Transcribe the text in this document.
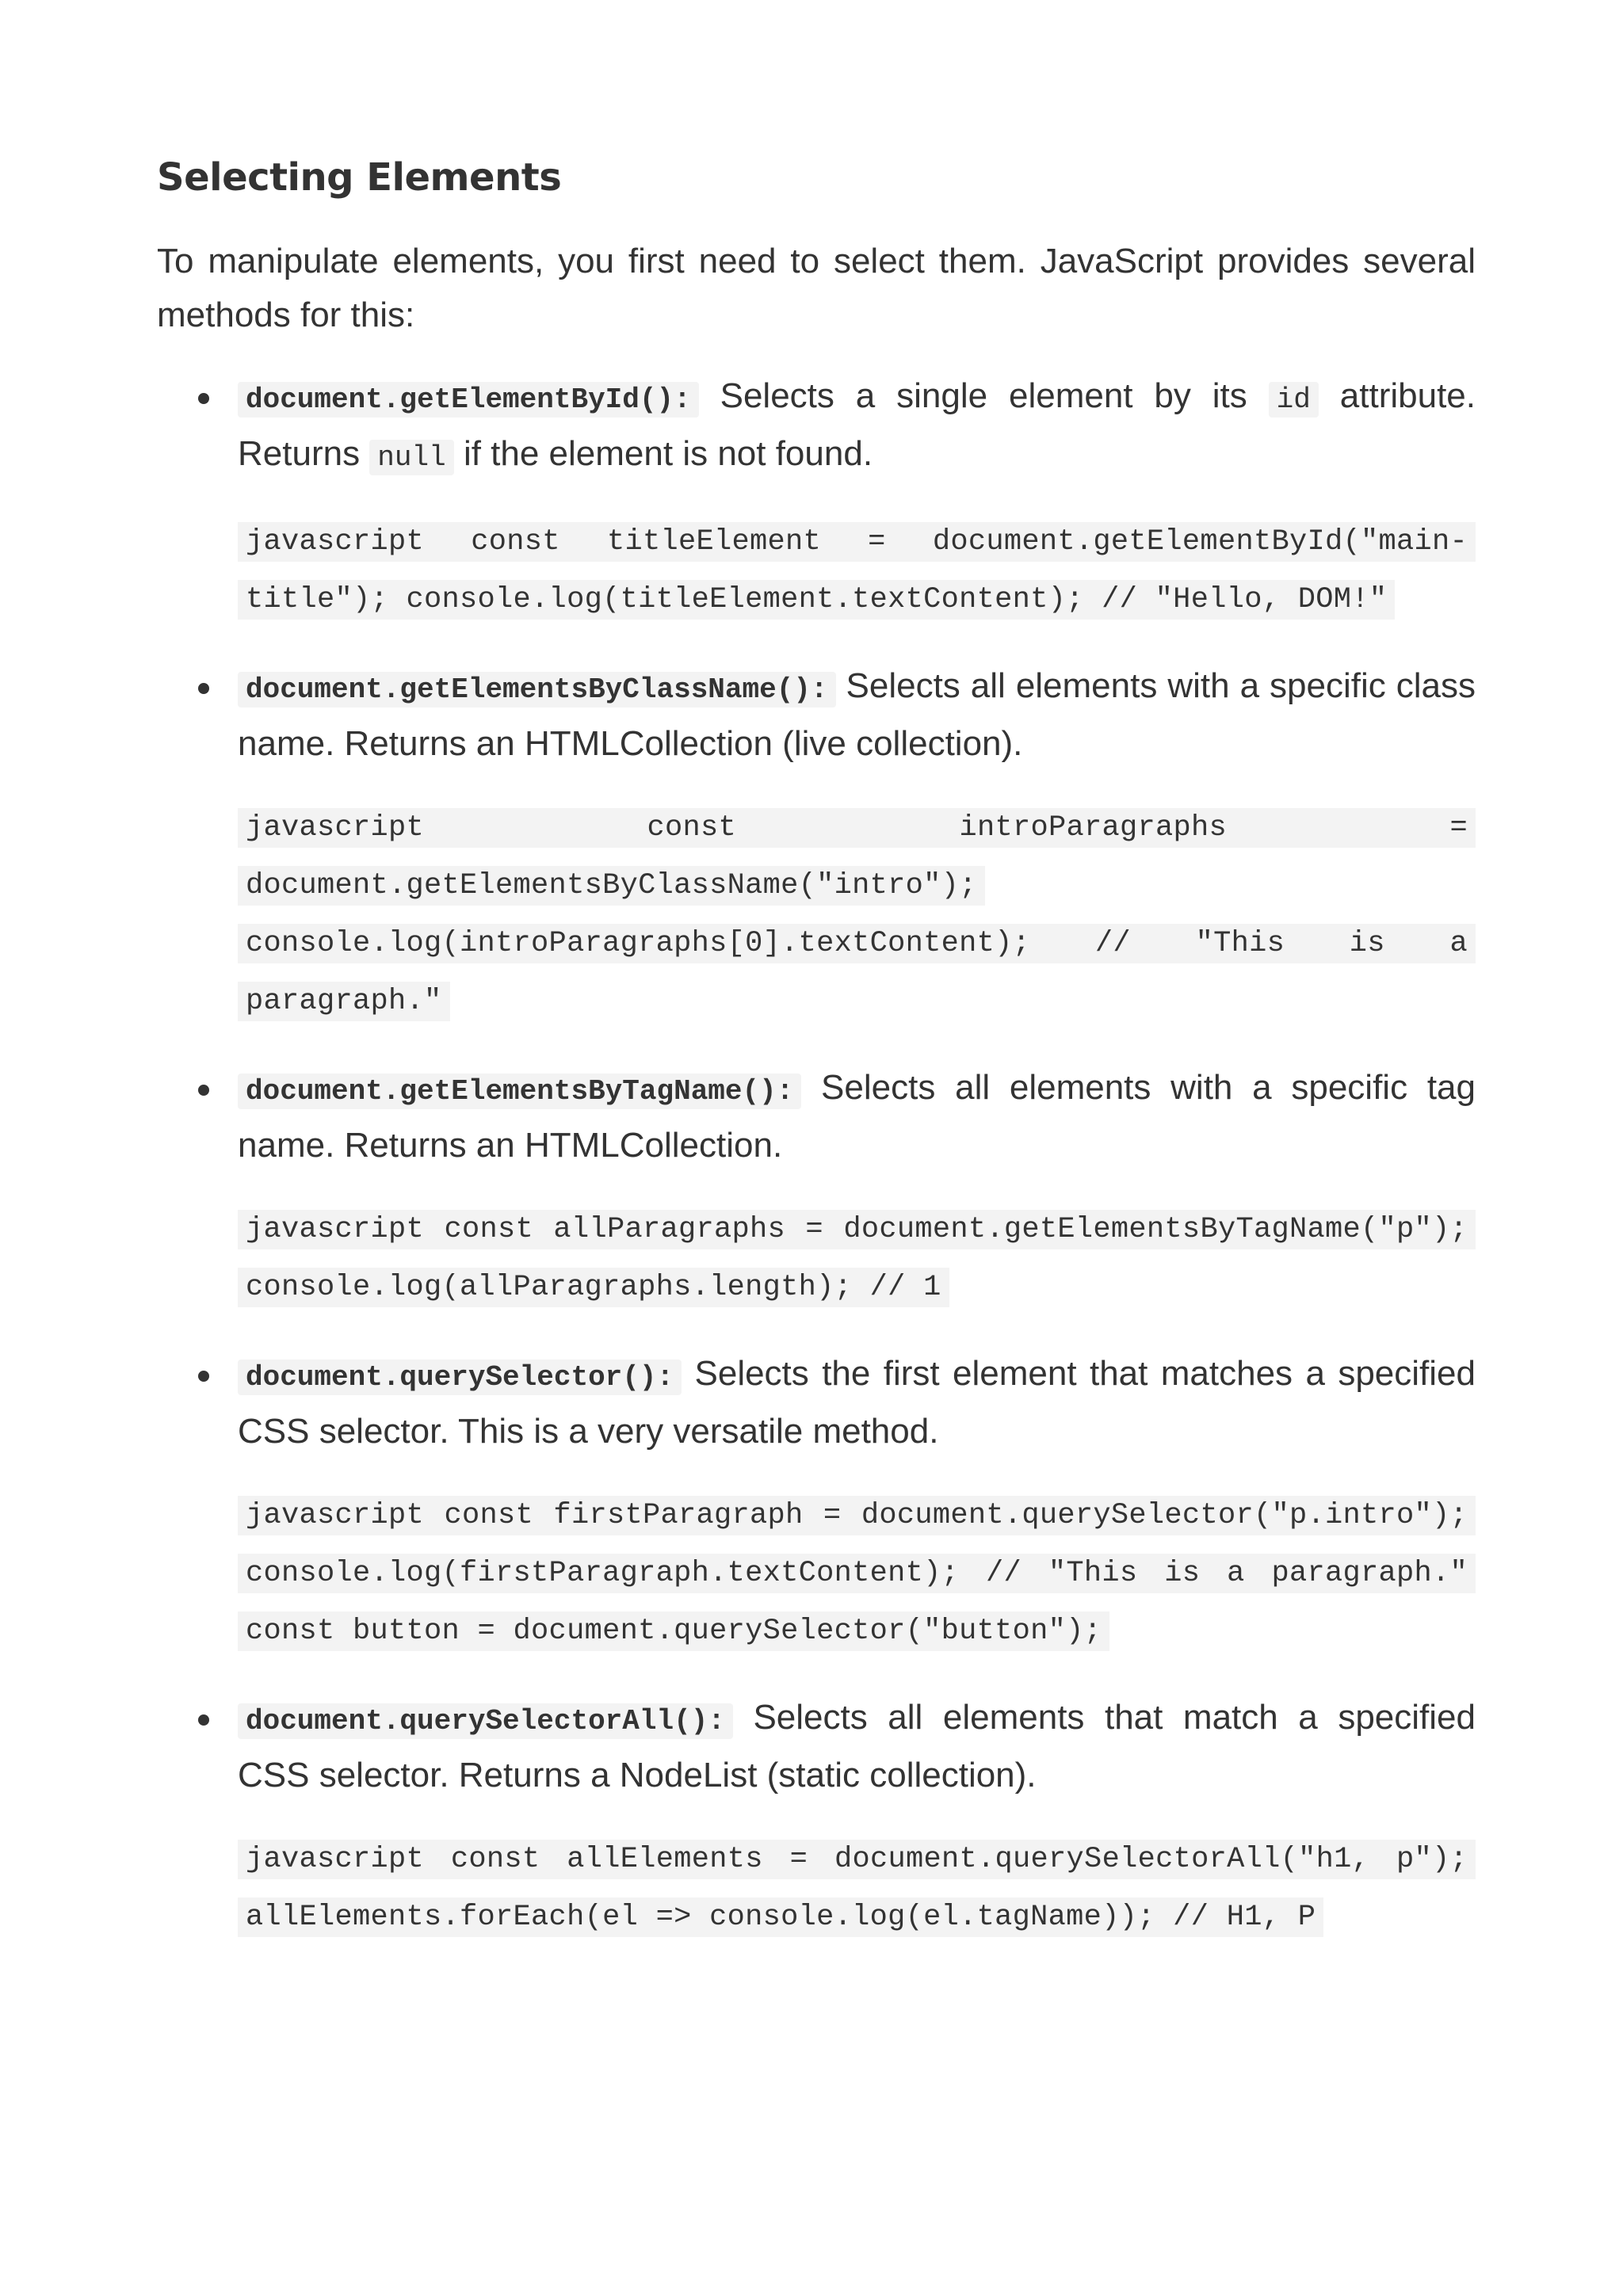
Selecting Elements

To manipulate elements, you first need to select them. JavaScript provides several methods for this:

document.getElementById(): Selects a single element by its id attribute. Returns null if the element is not found.

javascript const titleElement = document.getElementById("main-title"); console.log(titleElement.textContent); // "Hello, DOM!"

document.getElementsByClassName(): Selects all elements with a specific class name. Returns an HTMLCollection (live collection).

javascript const introParagraphs = document.getElementsByClassName("intro"); console.log(introParagraphs[0].textContent); // "This is a paragraph."

document.getElementsByTagName(): Selects all elements with a specific tag name. Returns an HTMLCollection.

javascript const allParagraphs = document.getElementsByTagName("p"); console.log(allParagraphs.length); // 1

document.querySelector(): Selects the first element that matches a specified CSS selector. This is a very versatile method.

javascript const firstParagraph = document.querySelector("p.intro"); console.log(firstParagraph.textContent); // "This is a paragraph." const button = document.querySelector("button");

document.querySelectorAll(): Selects all elements that match a specified CSS selector. Returns a NodeList (static collection).

javascript const allElements = document.querySelectorAll("h1, p"); allElements.forEach(el => console.log(el.tagName)); // H1, P
